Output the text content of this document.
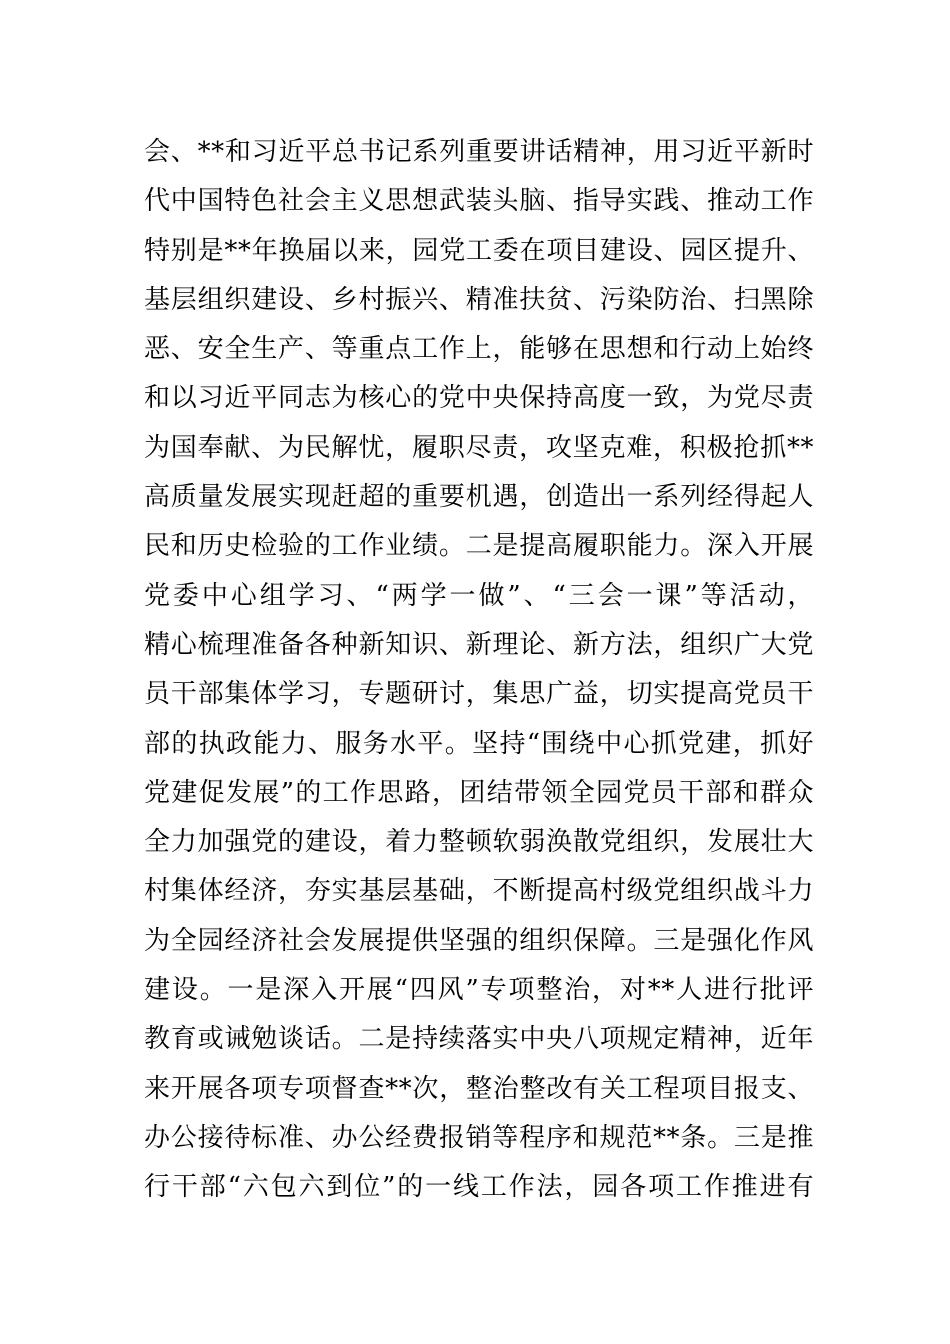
会、**和习近平总书记系列重要讲话精神，用习近平新时
代中国特色社会主义思想武装头脑、指导实践、推动工作
特别是**年换届以来，园党工委在项目建设、园区提升、
基层组织建设、乡村振兴、精准扶贫、污染防治、扫黑除
恶、安全生产、等重点工作上，能够在思想和行动上始终
和以习近平同志为核心的党中央保持高度一致，为党尽责
为国奉献、为民解忧，履职尽责，攻坚克难，积极抢抓**
高质量发展实现赶超的重要机遇，创造出一系列经得起人
民和历史检验的工作业绩。二是提高履职能力。深入开展
党委中心组学习、“两学一做”、“三会一课”等活动，
精心梳理准备各种新知识、新理论、新方法，组织广大党
员干部集体学习，专题研讨，集思广益，切实提高党员干
部的执政能力、服务水平。坚持“围绕中心抓党建，抓好
党建促发展”的工作思路，团结带领全园党员干部和群众
全力加强党的建设，着力整顿软弱涣散党组织，发展壮大
村集体经济，夯实基层基础，不断提高村级党组织战斗力
为全园经济社会发展提供坚强的组织保障。三是强化作风
建设。一是深入开展“四风”专项整治，对**人进行批评
教育或诫勉谈话。二是持续落实中央八项规定精神，近年
来开展各项专项督查**次，整治整改有关工程项目报支、
办公接待标准、办公经费报销等程序和规范**条。三是推
行干部“六包六到位”的一线工作法，园各项工作推进有
